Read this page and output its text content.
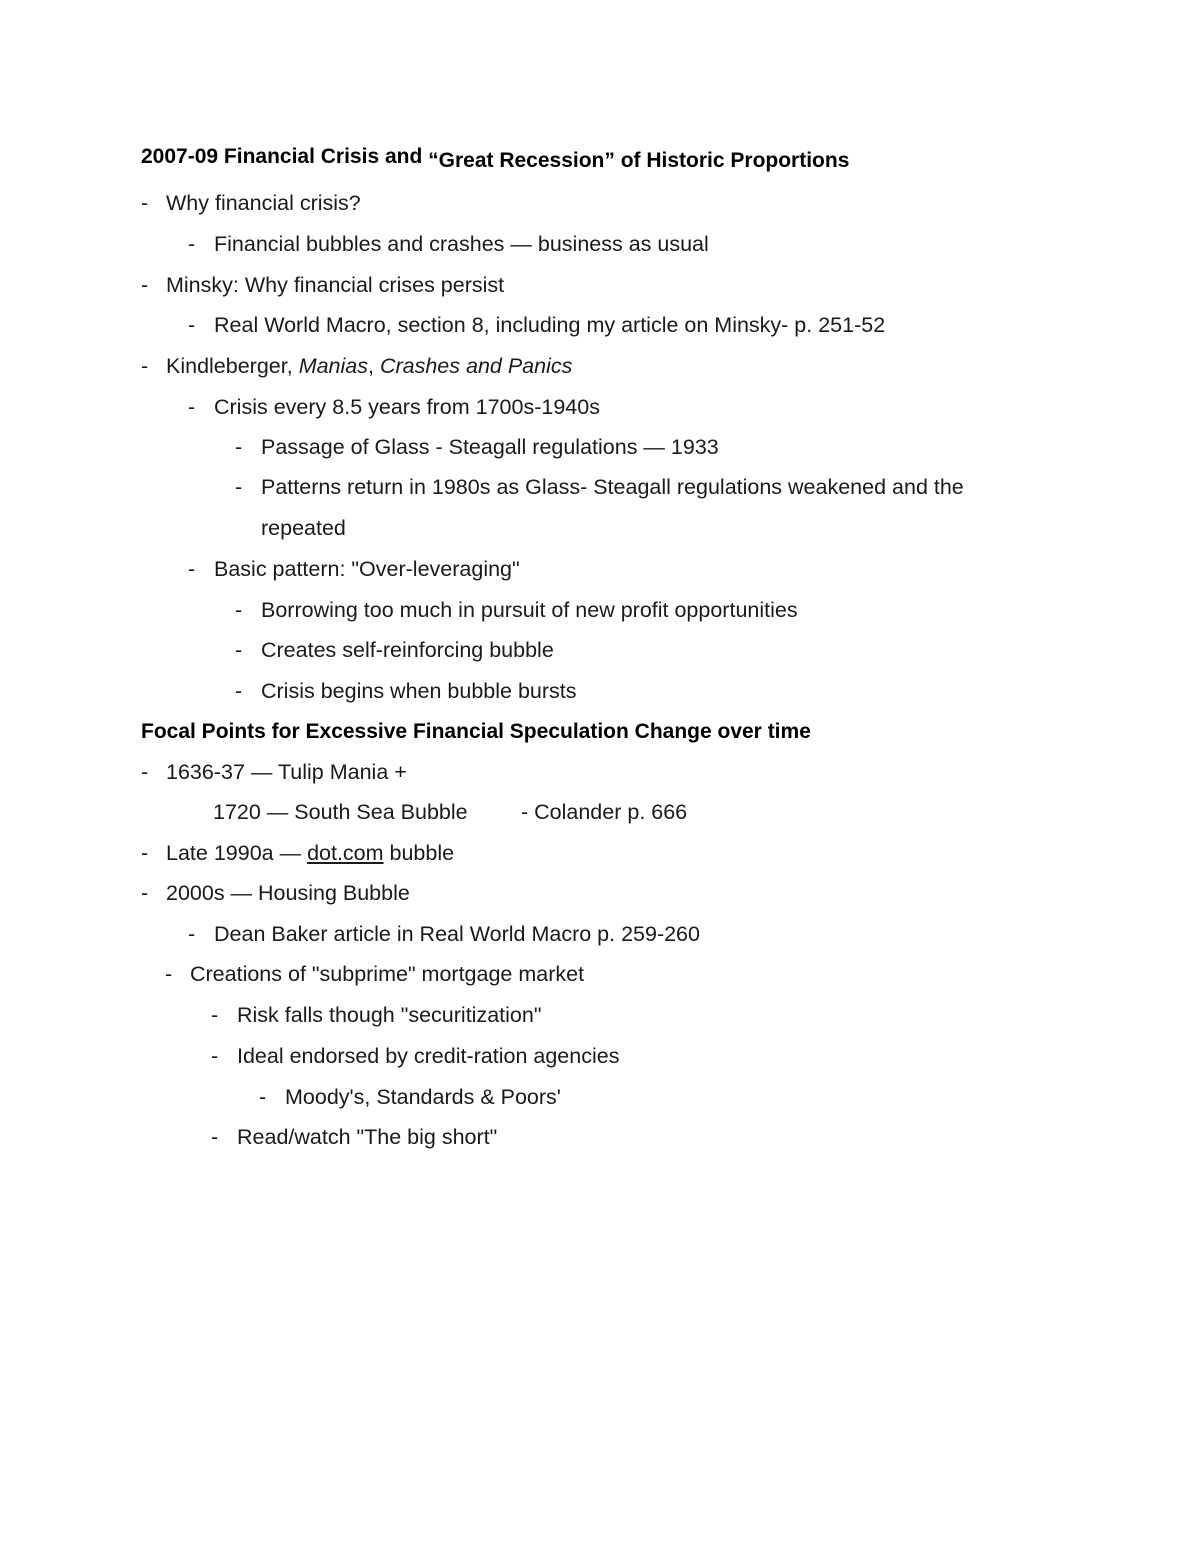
2007-09 Financial Crisis and “Great Recession” of Historic Proportions
- Why financial crisis?
- Financial bubbles and crashes — business as usual
- Minsky: Why financial crises persist
- Real World Macro, section 8, including my article on Minsky- p. 251-52
- Kindleberger, Manias, Crashes and Panics
- Crisis every 8.5 years from 1700s-1940s
- Passage of Glass - Steagall regulations — 1933
- Patterns return in 1980s as Glass- Steagall regulations weakened and the
repeated
- Basic pattern: "Over-leveraging"
- Borrowing too much in pursuit of new profit opportunities
- Creates self-reinforcing bubble
- Crisis begins when bubble bursts
Focal Points for Excessive Financial Speculation Change over time
- 1636-37 — Tulip Mania +
1720 — South Sea Bubble - Colander p. 666
- Late 1990a — dot.com bubble
- 2000s — Housing Bubble
- Dean Baker article in Real World Macro p. 259-260
- Creations of "subprime" mortgage market
- Risk falls though "securitization"
- Ideal endorsed by credit-ration agencies
- Moody's, Standards & Poors'
- Read/watch "The big short"
